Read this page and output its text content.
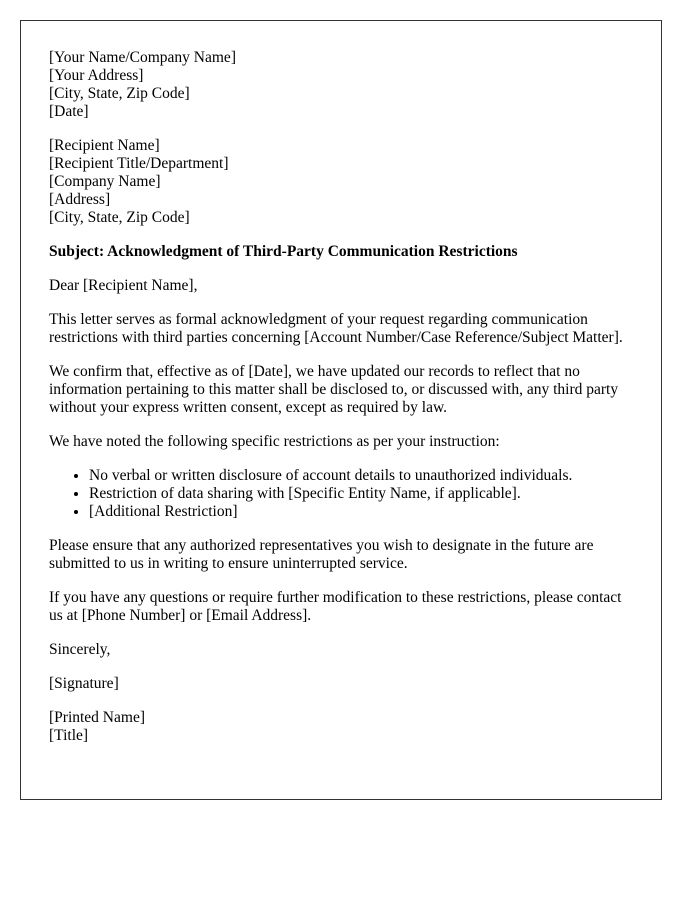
[Your Name/Company Name]
[Your Address]
[City, State, Zip Code]
[Date]
[Recipient Name]
[Recipient Title/Department]
[Company Name]
[Address]
[City, State, Zip Code]

Subject: Acknowledgment of Third-Party Communication Restrictions

Dear [Recipient Name],

This letter serves as formal acknowledgment of your request regarding communication restrictions with third parties concerning [Account Number/Case Reference/Subject Matter].

We confirm that, effective as of [Date], we have updated our records to reflect that no information pertaining to this matter shall be disclosed to, or discussed with, any third party without your express written consent, except as required by law.

We have noted the following specific restrictions as per your instruction:

• No verbal or written disclosure of account details to unauthorized individuals.
• Restriction of data sharing with [Specific Entity Name, if applicable].
• [Additional Restriction]

Please ensure that any authorized representatives you wish to designate in the future are submitted to us in writing to ensure uninterrupted service.

If you have any questions or require further modification to these restrictions, please contact us at [Phone Number] or [Email Address].

Sincerely,

[Signature]

[Printed Name]
[Title]
